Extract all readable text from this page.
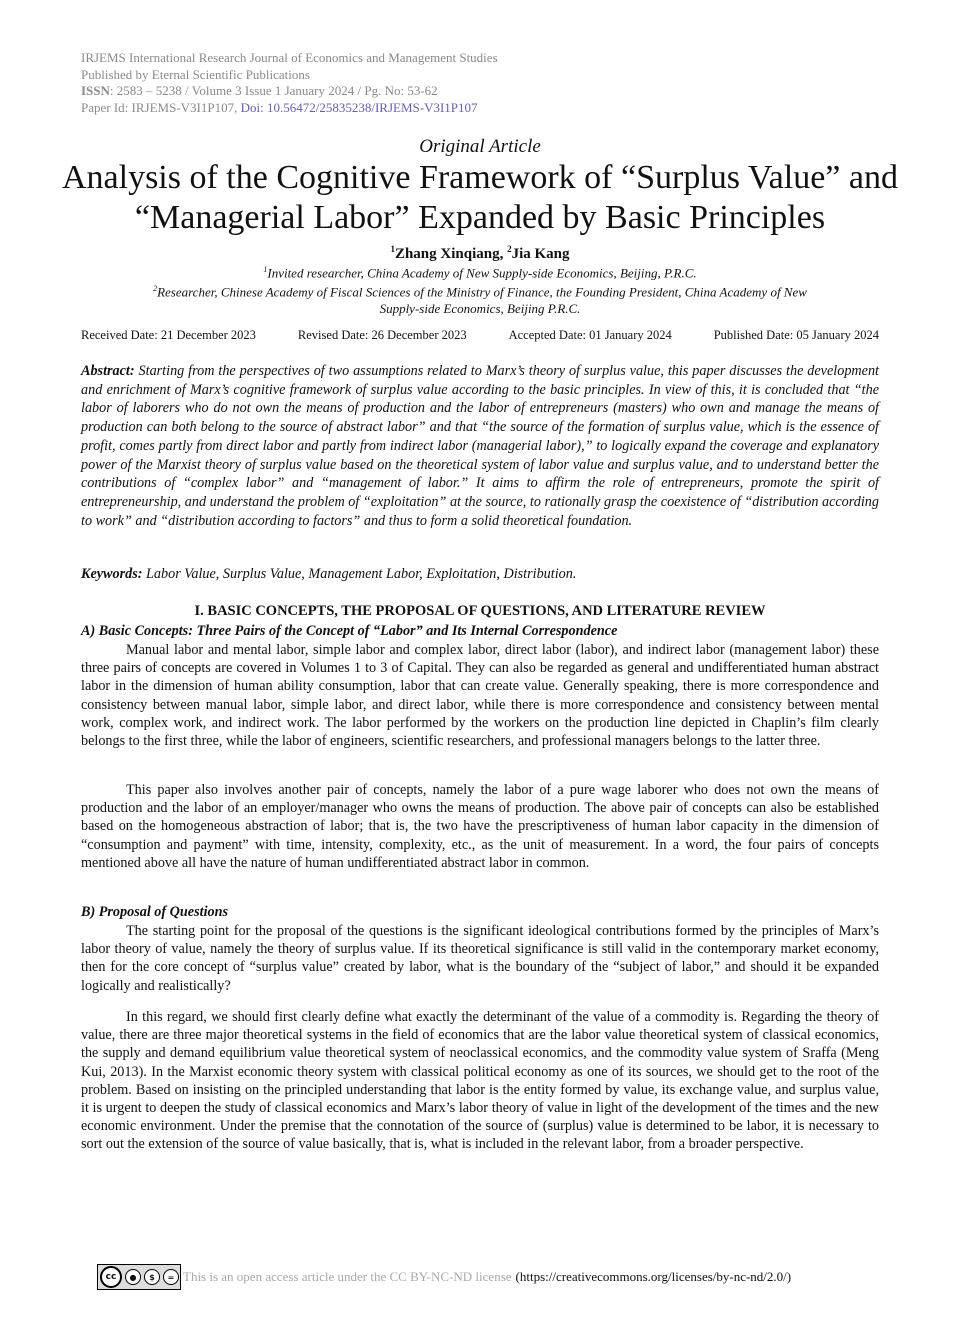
IRJEMS International Research Journal of Economics and Management Studies
Published by Eternal Scientific Publications
ISSN: 2583 – 5238 / Volume 3 Issue 1 January 2024 / Pg. No: 53-62
Paper Id: IRJEMS-V3I1P107, Doi: 10.56472/25835238/IRJEMS-V3I1P107
Original Article
Analysis of the Cognitive Framework of “Surplus Value” and “Managerial Labor” Expanded by Basic Principles
$^1$Zhang Xinqiang, $^2$Jia Kang
$^1$Invited researcher, China Academy of New Supply-side Economics, Beijing, P.R.C.
$^2$Researcher, Chinese Academy of Fiscal Sciences of the Ministry of Finance, the Founding President, China Academy of New Supply-side Economics, Beijing P.R.C.
Received Date: 21 December 2023	Revised Date: 26 December 2023	Accepted Date: 01 January 2024	Published Date: 05 January 2024
Abstract: Starting from the perspectives of two assumptions related to Marx’s theory of surplus value, this paper discusses the development and enrichment of Marx’s cognitive framework of surplus value according to the basic principles. In view of this, it is concluded that “the labor of laborers who do not own the means of production and the labor of entrepreneurs (masters) who own and manage the means of production can both belong to the source of abstract labor” and that “the source of the formation of surplus value, which is the essence of profit, comes partly from direct labor and partly from indirect labor (managerial labor),” to logically expand the coverage and explanatory power of the Marxist theory of surplus value based on the theoretical system of labor value and surplus value, and to understand better the contributions of “complex labor” and “management of labor.” It aims to affirm the role of entrepreneurs, promote the spirit of entrepreneurship, and understand the problem of “exploitation” at the source, to rationally grasp the coexistence of “distribution according to work” and “distribution according to factors” and thus to form a solid theoretical foundation.
Keywords: Labor Value, Surplus Value, Management Labor, Exploitation, Distribution.
I. BASIC CONCEPTS, THE PROPOSAL OF QUESTIONS, AND LITERATURE REVIEW
A) Basic Concepts: Three Pairs of the Concept of “Labor” and Its Internal Correspondence
Manual labor and mental labor, simple labor and complex labor, direct labor (labor), and indirect labor (management labor) these three pairs of concepts are covered in Volumes 1 to 3 of Capital. They can also be regarded as general and undifferentiated human abstract labor in the dimension of human ability consumption, labor that can create value. Generally speaking, there is more correspondence and consistency between manual labor, simple labor, and direct labor, while there is more correspondence and consistency between mental work, complex work, and indirect work. The labor performed by the workers on the production line depicted in Chaplin’s film clearly belongs to the first three, while the labor of engineers, scientific researchers, and professional managers belongs to the latter three.
This paper also involves another pair of concepts, namely the labor of a pure wage laborer who does not own the means of production and the labor of an employer/manager who owns the means of production. The above pair of concepts can also be established based on the homogeneous abstraction of labor; that is, the two have the prescriptiveness of human labor capacity in the dimension of “consumption and payment” with time, intensity, complexity, etc., as the unit of measurement. In a word, the four pairs of concepts mentioned above all have the nature of human undifferentiated abstract labor in common.
B) Proposal of Questions
The starting point for the proposal of the questions is the significant ideological contributions formed by the principles of Marx’s labor theory of value, namely the theory of surplus value. If its theoretical significance is still valid in the contemporary market economy, then for the core concept of “surplus value” created by labor, what is the boundary of the “subject of labor,” and should it be expanded logically and realistically?
In this regard, we should first clearly define what exactly the determinant of the value of a commodity is. Regarding the theory of value, there are three major theoretical systems in the field of economics that are the labor value theoretical system of classical economics, the supply and demand equilibrium value theoretical system of neoclassical economics, and the commodity value system of Sraffa (Meng Kui, 2013). In the Marxist economic theory system with classical political economy as one of its sources, we should get to the root of the problem. Based on insisting on the principled understanding that labor is the entity formed by value, its exchange value, and surplus value, it is urgent to deepen the study of classical economics and Marx’s labor theory of value in light of the development of the times and the new economic environment. Under the premise that the connotation of the source of (surplus) value is determined to be labor, it is necessary to sort out the extension of the source of value basically, that is, what is included in the relevant labor, from a broader perspective.
cc	●	$	= This is an open access article under the CC BY-NC-ND license (https://creativecommons.org/licenses/by-nc-nd/2.0/)
